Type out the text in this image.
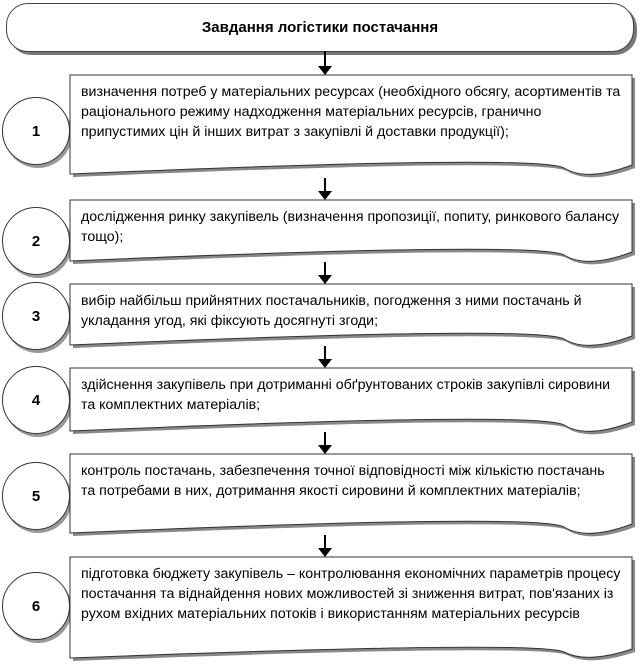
Завдання логістики постачання
1
визначення потреб у матеріальних ресурсах (необхідного обсягу, асортиментів та раціонального режиму надходження матеріальних ресурсів, гранично припустимих цін й інших витрат з закупівлі й доставки продукції);
2
дослідження ринку закупівель (визначення пропозиції, попиту, ринкового балансу тощо);
3
вибір найбільш прийнятних постачальників, погодження з ними постачань й укладання угод, які фіксують досягнуті згоди;
4
здійснення закупівель при дотриманні обґрунтованих строків закупівлі сировини та комплектних матеріалів;
5
контроль постачань, забезпечення точної відповідності між кількістю постачань та потребами в них, дотримання якості сировини й комплектних матеріалів;
6
підготовка бюджету закупівель – контролювання економічних параметрів процесу постачання та віднайдення нових можливостей зі зниження витрат, пов'язаних із рухом вхідних матеріальних потоків і використанням матеріальних ресурсів
